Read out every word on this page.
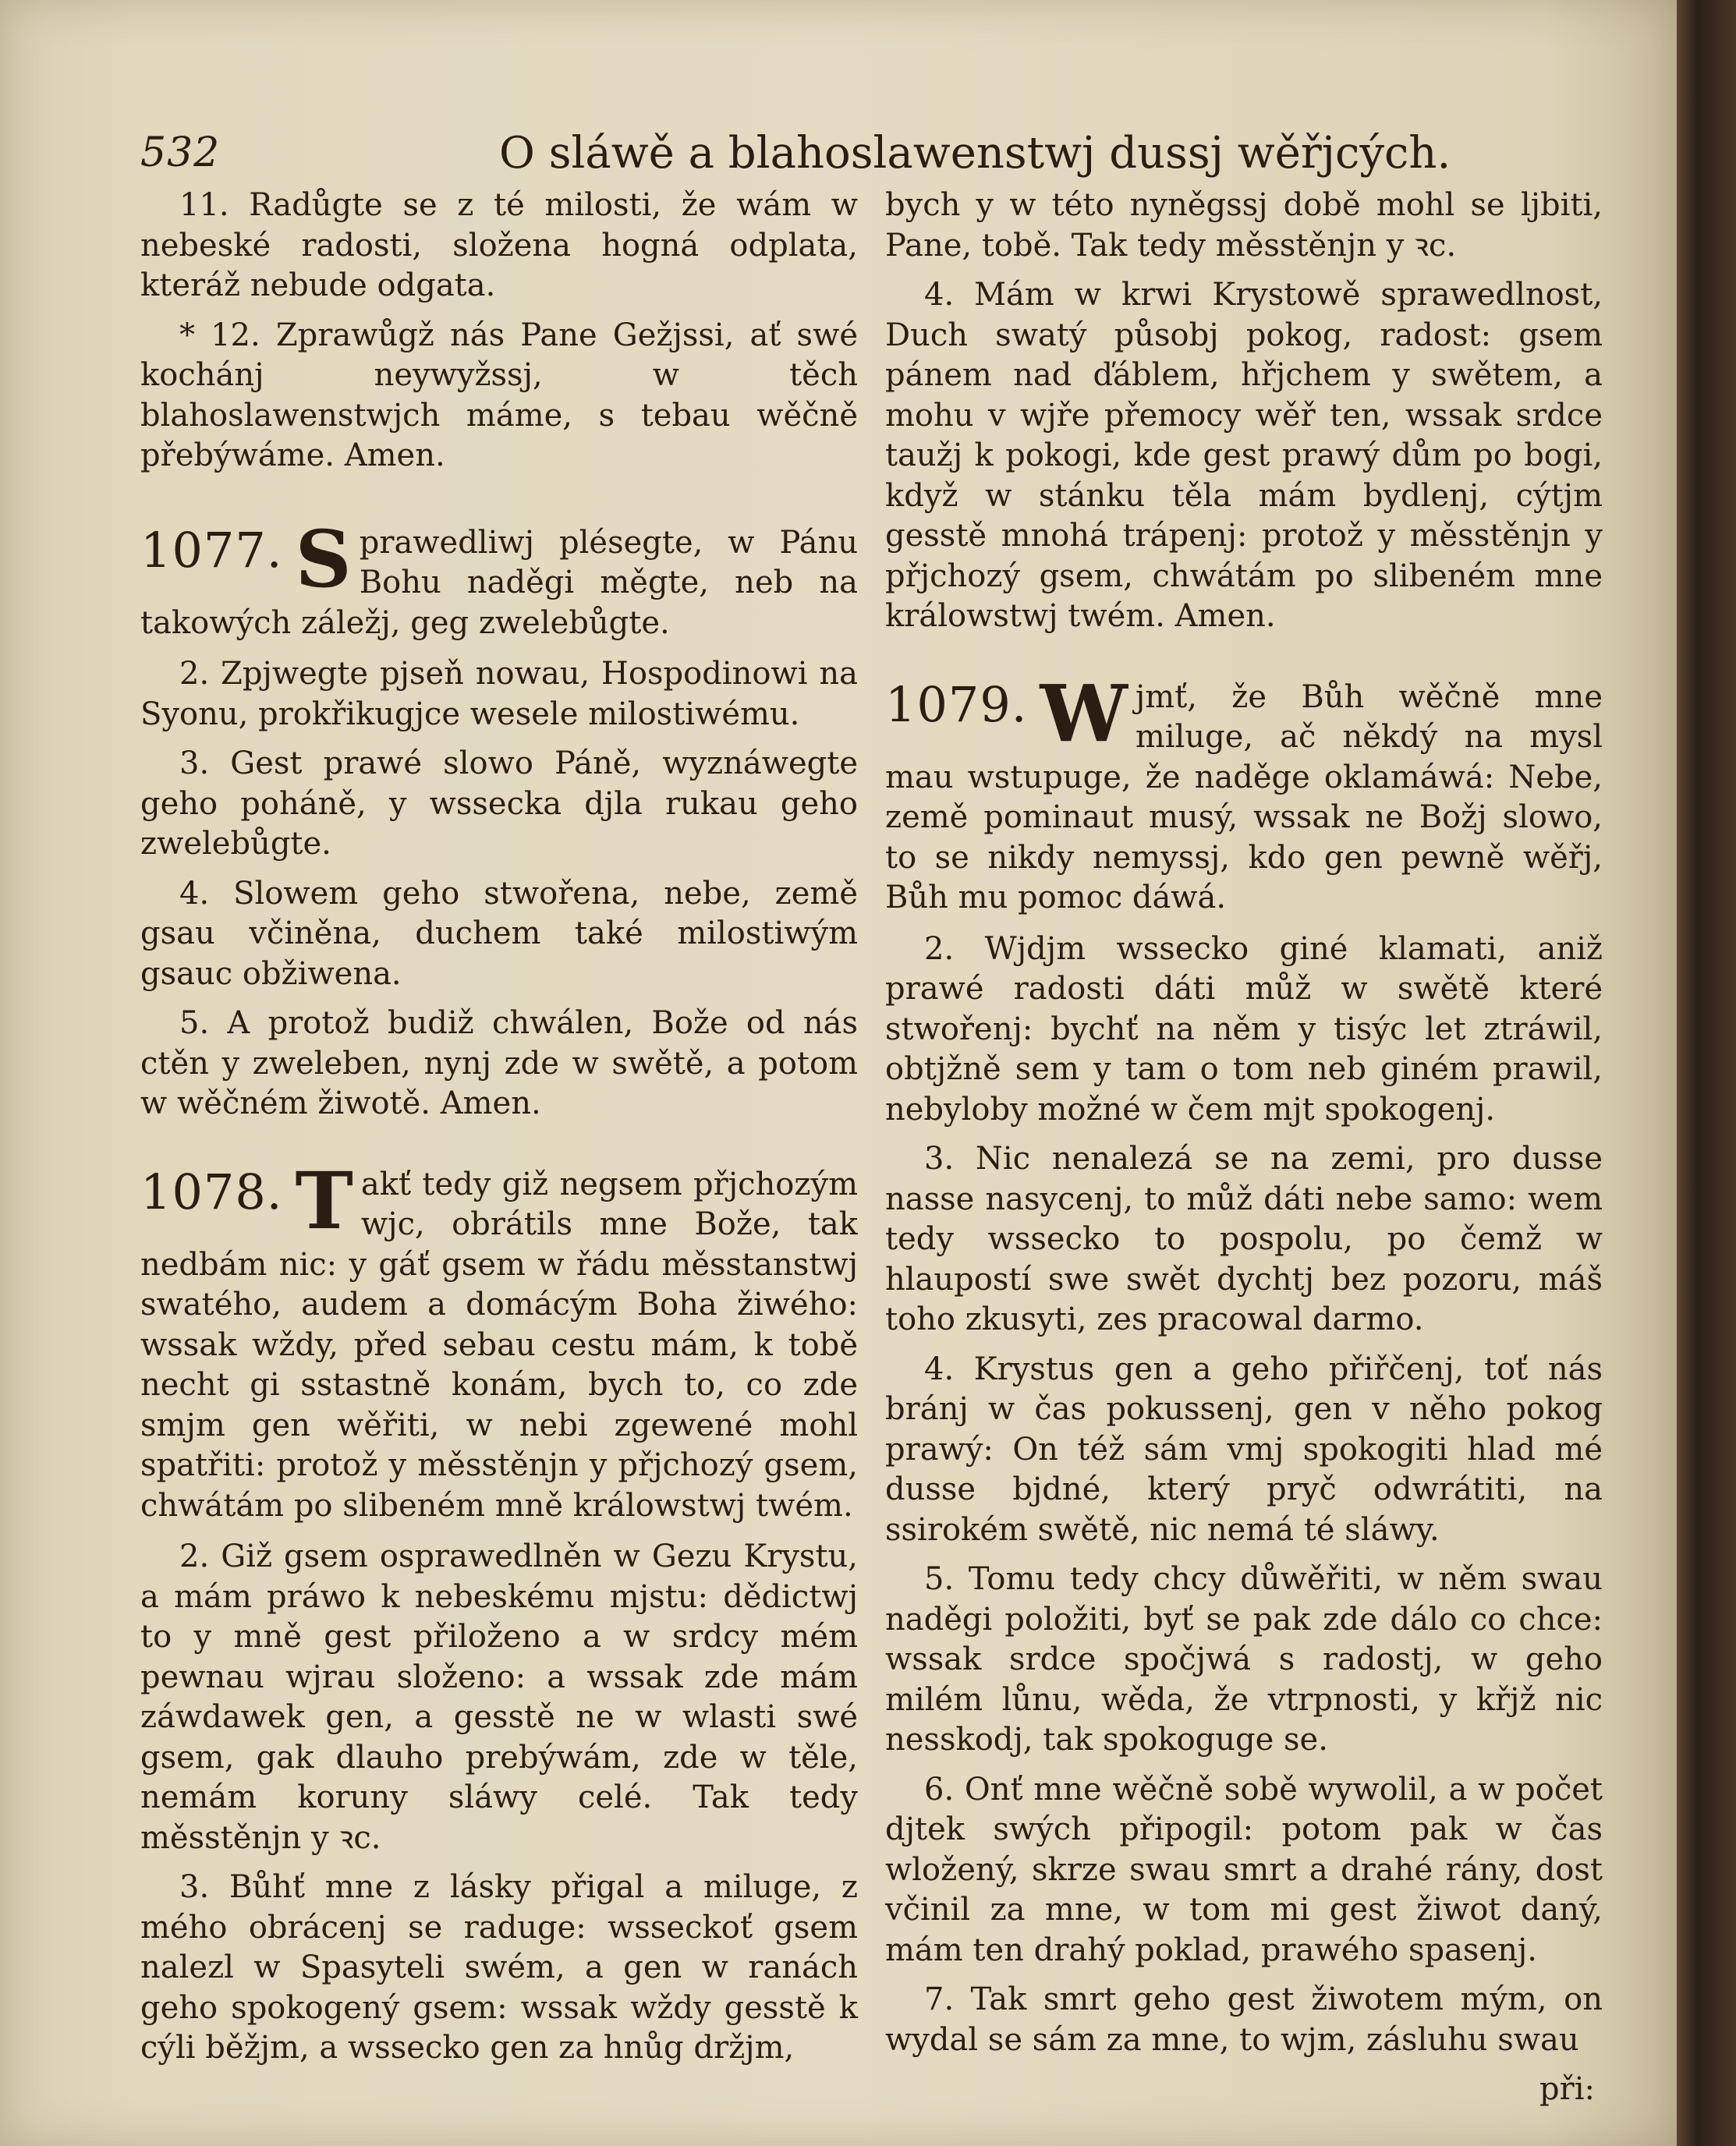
532	O sláwě a blahoslawenstwj dussj wěřjcých.

11. Radůgte se z té milosti, že wám w nebeské radosti, složena hogná odplata, kteráž nebude odgata.

* 12. Zprawůgž nás Pane Gežjssi, ať swé kochánj neywyžssj, w těch blahoslawenstwjch máme, s tebau wěčně přebýwáme. Amen.

1077. S prawedliwj plésegte, w Pánu Bohu naděgi měgte, neb na takowých záležj, geg zwelebůgte.

2. Zpjwegte pjseň nowau, Hospodinowi na Syonu, prokřikugjce wesele milostiwému.

3. Gest prawé slowo Páně, wyznáwegte geho poháně, y wssecka djla rukau geho zwelebůgte.

4. Slowem geho stwořena, nebe, země gsau včiněna, duchem také milostiwým gsauc obžiwena.

5. A protož budiž chwálen, Bože od nás ctěn y zweleben, nynj zde w swětě, a potom w wěčném žiwotě. Amen.

1078. T akť tedy giž negsem přjchozým wjc, obrátils mne Bože, tak nedbám nic: y gáť gsem w řádu měsstanstwj swatého, audem a domácým Boha žiwého: wssak wždy, před sebau cestu mám, k tobě necht gi sstastně konám, bych to, co zde smjm gen wěřiti, w nebi zgewené mohl spatřiti: protož y měsstěnjn y přjchozý gsem, chwátám po slibeném mně králowstwj twém.

2. Giž gsem osprawedlněn w Gezu Krystu, a mám práwo k nebeskému mjstu: dědictwj to y mně gest přiloženo a w srdcy mém pewnau wjrau složeno: a wssak zde mám záwdawek gen, a gesstě ne w wlasti swé gsem, gak dlauho prebýwám, zde w těle, nemám koruny sláwy celé. Tak tedy měsstěnjn y ꝛc.

3. Bůhť mne z lásky přigal a miluge, z mého obrácenj se raduge: wsseckoť gsem nalezl w Spasyteli swém, a gen w ranách geho spokogený gsem: wssak wždy gesstě k cýli běžjm, a wssecko gen za hnůg držjm,

bych y w této nyněgssj době mohl se ljbiti, Pane, tobě. Tak tedy měsstěnjn y ꝛc.

4. Mám w krwi Krystowě sprawedlnost, Duch swatý působj pokog, radost: gsem pánem nad ďáblem, hřjchem y swětem, a mohu v wjře přemocy wěř ten, wssak srdce taužj k pokogi, kde gest prawý dům po bogi, když w stánku těla mám bydlenj, cýtjm gesstě mnohá trápenj: protož y měsstěnjn y přjchozý gsem, chwátám po slibeném mne králowstwj twém. Amen.

1079. W jmť, že Bůh wěčně mne miluge, ač někdý na mysl mau wstupuge, že naděge oklamáwá: Nebe, země pominaut musý, wssak ne Božj slowo, to se nikdy nemyssj, kdo gen pewně wěřj, Bůh mu pomoc dáwá.

2. Wjdjm wssecko giné klamati, aniž prawé radosti dáti můž w swětě které stwořenj: bychť na něm y tisýc let ztráwil, obtjžně sem y tam o tom neb giném prawil, nebyloby možné w čem mjt spokogenj.

3. Nic nenalezá se na zemi, pro dusse nasse nasycenj, to můž dáti nebe samo: wem tedy wssecko to pospolu, po čemž w hlaupostí swe swět dychtj bez pozoru, máš toho zkusyti, zes pracowal darmo.

4. Krystus gen a geho přiřčenj, toť nás bránj w čas pokussenj, gen v něho pokog prawý: On též sám vmj spokogiti hlad mé dusse bjdné, který pryč odwrátiti, na ssirokém swětě, nic nemá té sláwy.

5. Tomu tedy chcy důwěřiti, w něm swau naděgi položiti, byť se pak zde dálo co chce: wssak srdce spočjwá s radostj, w geho milém lůnu, wěda, že vtrpnosti, y křjž nic nesskodj, tak spokoguge se.

6. Onť mne wěčně sobě wywolil, a w počet djtek swých připogil: potom pak w čas wložený, skrze swau smrt a drahé rány, dost včinil za mne, w tom mi gest žiwot daný, mám ten drahý poklad, prawého spasenj.

7. Tak smrt geho gest žiwotem mým, on wydal se sám za mne, to wjm, zásluhu swau

při:
